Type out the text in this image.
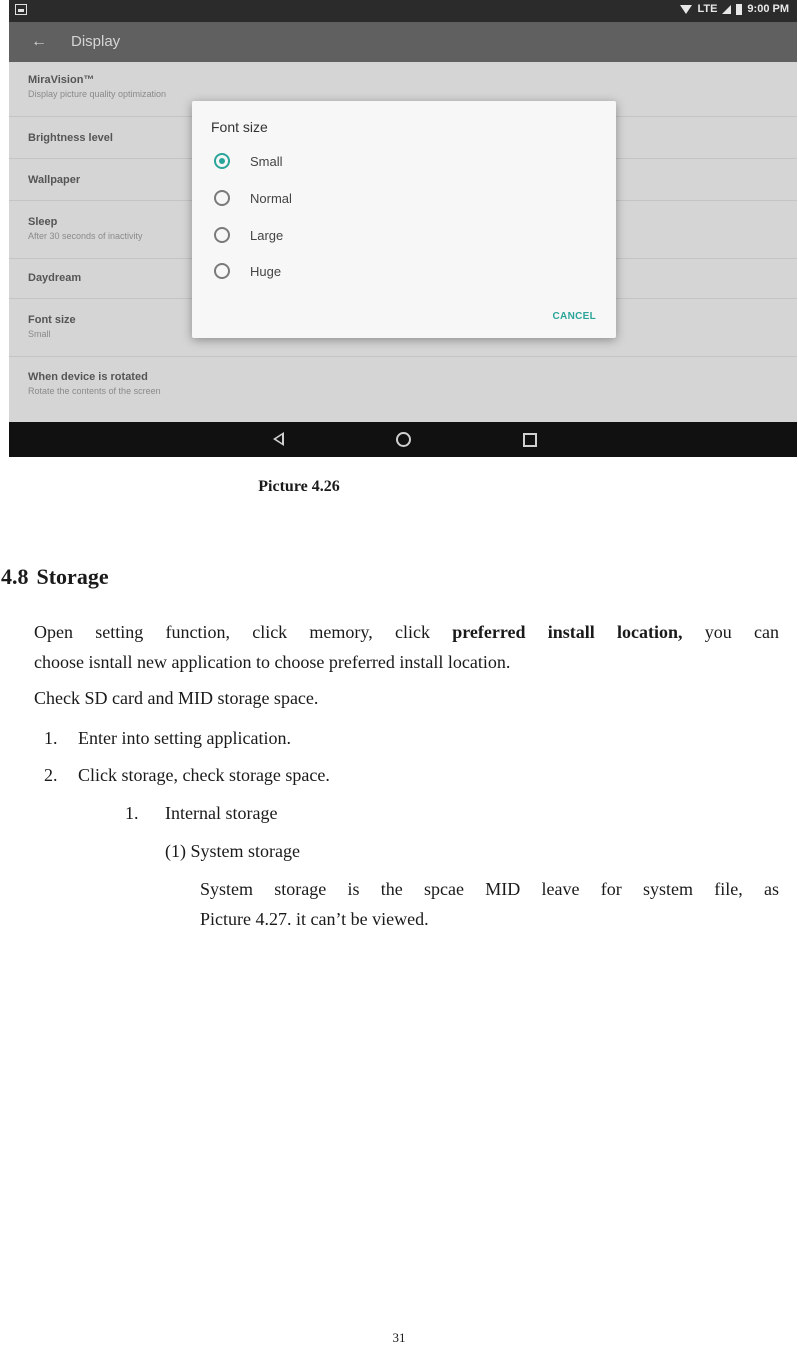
LTE	9:00 PM
← Display
MiraVision™
Display picture quality optimization
Brightness level
Wallpaper
Sleep
After 30 seconds of inactivity
Daydream
Font size
Small
When device is rotated
Rotate the contents of the screen
Font size
Small
Normal
Large
Huge
CANCEL
Picture 4.26
4.8 Storage
Open setting function, click memory, click preferred install location, you can
choose isntall new application to choose preferred install location.
Check SD card and MID storage space.
1. Enter into setting application.
2. Click storage, check storage space.
1. Internal storage
(1) System storage
System storage is the spcae MID leave for system file, as
Picture 4.27. it can’t be viewed.
31
